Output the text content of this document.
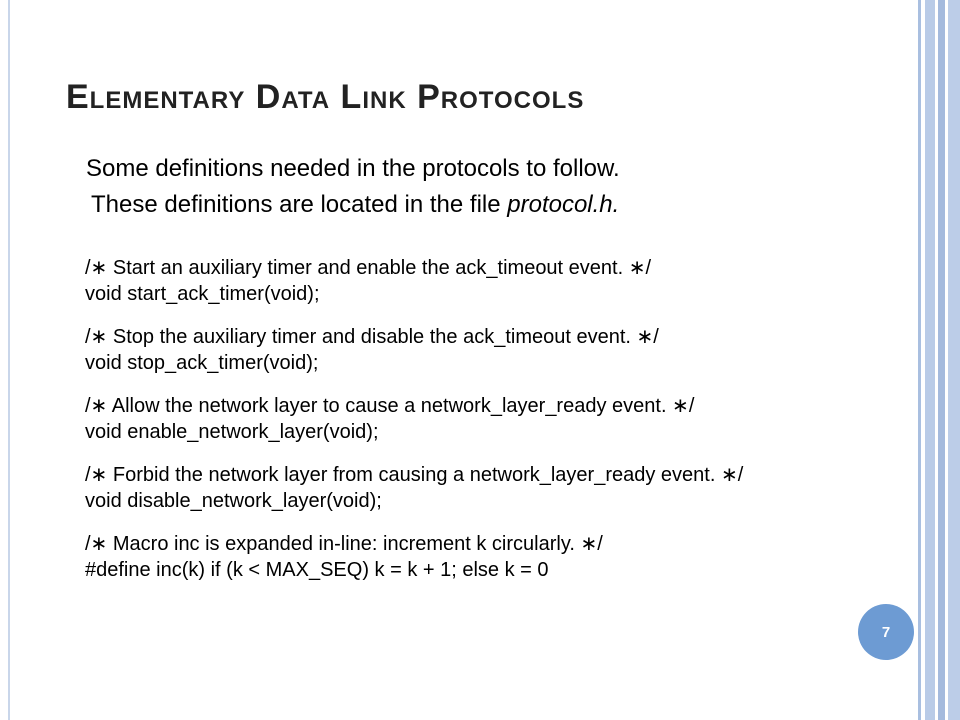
Elementary Data Link Protocols
Some definitions needed in the protocols to follow.
These definitions are located in the file protocol.h.
/∗ Start an auxiliary timer and enable the ack_timeout event. ∗/
void start_ack_timer(void);
/∗ Stop the auxiliary timer and disable the ack_timeout event. ∗/
void stop_ack_timer(void);
/∗ Allow the network layer to cause a network_layer_ready event. ∗/
void enable_network_layer(void);
/∗ Forbid the network layer from causing a network_layer_ready event. ∗/
void disable_network_layer(void);
/∗ Macro inc is expanded in-line: increment k circularly. ∗/
#define inc(k) if (k < MAX_SEQ) k = k + 1; else k = 0
7
